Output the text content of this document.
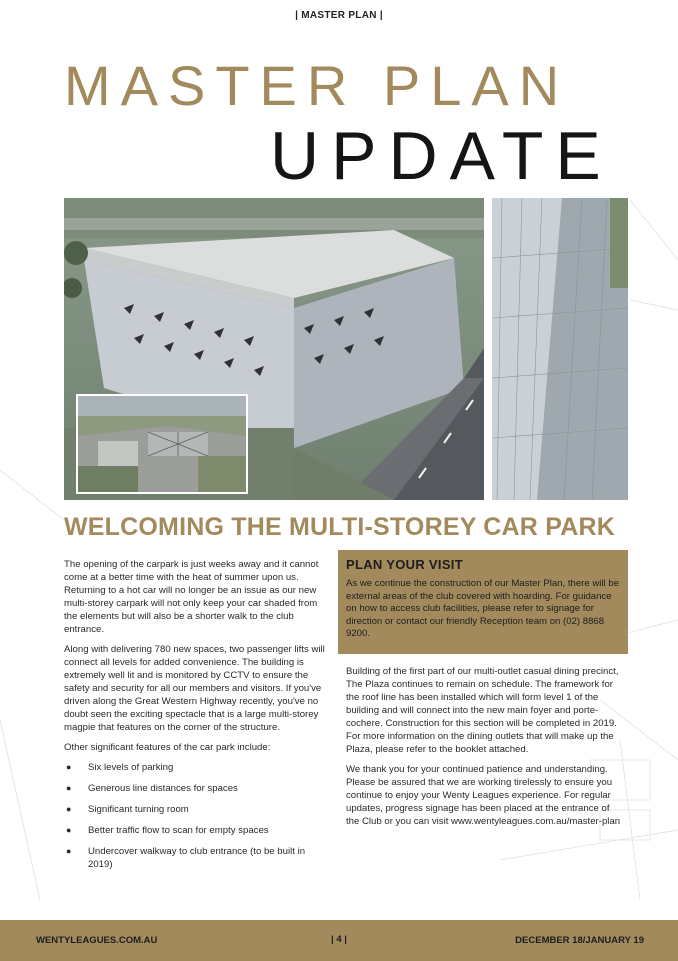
| MASTER PLAN |
MASTER PLAN
UPDATE
WELCOMING THE MULTI-STOREY CAR PARK

The opening of the carpark is just weeks away and it cannot come at a better time with the heat of summer upon us. Returning to a hot car will no longer be an issue as our new multi-storey carpark will not only keep your car shaded from the elements but will also be a shorter walk to the club entrance.

Along with delivering 780 new spaces, two passenger lifts will connect all levels for added convenience. The building is extremely well lit and is monitored by CCTV to ensure the safety and security for all our members and visitors. If you've driven along the Great Western Highway recently, you've no doubt seen the exciting spectacle that is a large multi-storey magpie that features on the corner of the structure.

Other significant features of the car park include:

● Six levels of parking
● Generous line distances for spaces
● Significant turning room
● Better traffic flow to scan for empty spaces
● Undercover walkway to club entrance (to be built in 2019)
PLAN YOUR VISIT
As we continue the construction of our Master Plan, there will be external areas of the club covered with hoarding. For guidance on how to access club facilities, please refer to signage for direction or contact our friendly Reception team on (02) 8868 9200.

Building of the first part of our multi-outlet casual dining precinct, The Plaza continues to remain on schedule. The framework for the roof line has been installed which will form level 1 of the building and will connect into the new main foyer and porte-cochere. Construction for this section will be completed in 2019. For more information on the dining outlets that will make up the Plaza, please refer to the booklet attached.

We thank you for your continued patience and understanding. Please be assured that we are working tirelessly to ensure you continue to enjoy your Wenty Leagues experience. For regular updates, progress signage has been placed at the entrance of the Club or you can visit www.wentyleagues.com.au/master-plan

WENTYLEAGUES.COM.AU	| 4 |	DECEMBER 18/JANUARY 19
